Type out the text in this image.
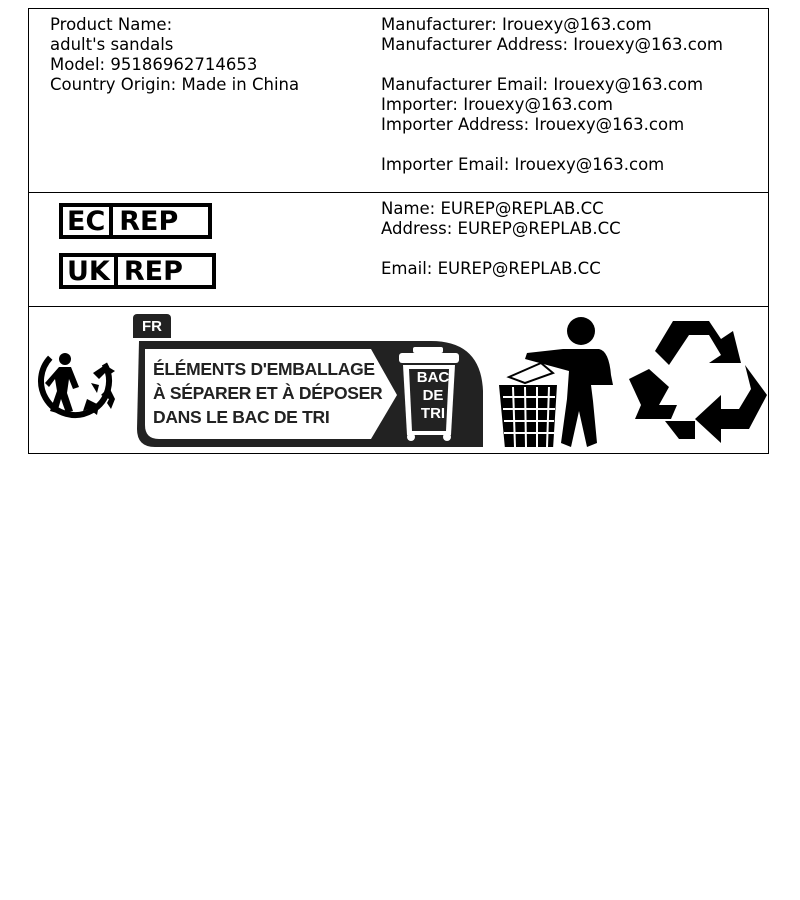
Product Name:
adult's sandals
Model: 95186962714653
Country Origin: Made in China
Manufacturer: Irouexy@163.com
Manufacturer Address: Irouexy@163.com
Manufacturer Email: Irouexy@163.com
Importer: Irouexy@163.com
Importer Address: Irouexy@163.com
Importer Email: Irouexy@163.com
EC REP
UK REP
Name: EUREP@REPLAB.CC
Address: EUREP@REPLAB.CC
Email: EUREP@REPLAB.CC
FR
ÉLÉMENTS D'EMBALLAGE
À SÉPARER ET À DÉPOSER
DANS LE BAC DE TRI
BAC
DE
TRI
